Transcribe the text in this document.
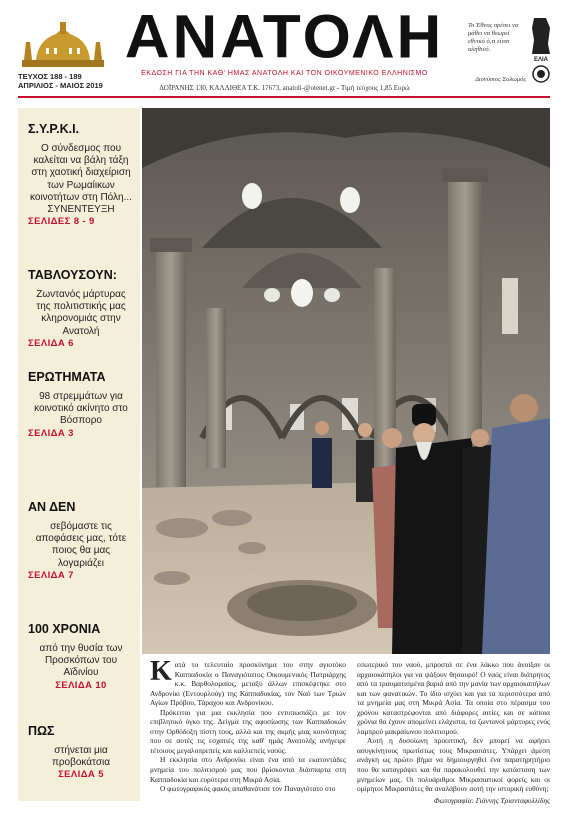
ΤΕΥΧΟΣ 188 - 189
ΑΠΡΙΛΙΟΣ - ΜΑΙΟΣ 2019
ΑΝΑΤΟΛΗ
ΕΚΔΟΣΗ ΓΙΑ ΤΗΝ ΚΑΘ' ΗΜΑΣ ΑΝΑΤΟΛΗ ΚΑΙ ΤΟΝ ΟΙΚΟΥΜΕΝΙΚΟ ΕΛΛΗΝΙΣΜΟ
ΔΟΪΡΑΝΗΣ 130, ΚΑΛΛΙΘΕΑ Τ.Κ. 17673, anatoli-@otenet.gr - Τιμή τεύχους 1,85 Ευρώ
Το Έθνος πρέπει να μάθει να θεωρεί εθνικό ό,τι είναι αληθινό.
Διονύσιος Σολωμός
ΕΛΙΑ
Σ.Υ.Ρ.Κ.Ι.
Ο σύνδεσμος που καλείται να βάλη τάξη στη χαοτική διαχείριση των Ρωμαίικων κοινοτήτων στη Πόλη... ΣΥΝΕΝΤΕΥΞΗ
ΣΕΛΙΔΕΣ 8 - 9
ΤΑΒΛΟΥΣΟΥΝ:
Ζωντανός μάρτυρας της πολιτιστικής μας κληρονομιάς στην Ανατολή
ΣΕΛΙΔΑ 6
ΕΡΩΤΗΜΑΤΑ
98 στρεμμάτων για κοινοτικό ακίνητο στο Βόσπορο
ΣΕΛΙΔΑ 3
ΑΝ ΔΕΝ
σεβόμαστε τις αποφάσεις μας, τότε ποιος θα μας λογαριάζει
ΣΕΛΙΔΑ 7
100 ΧΡΟΝΙΑ
από την θυσία των Προσκόπων του Αϊδινίου
ΣΕΛΙΔΑ 10
ΠΩΣ
στήνεται μια προβοκάτσια
ΣΕΛΙΔΑ 5
Κ ατά το τελευταίο προσκύνημα του στην αγιοτόκο Καππαδοκία ο Παναγιότατος Οικουμενικός Πατριάρχης κ.κ. Βαρθολομαίος, μεταξύ άλλων επισκέφτηκε στο Ανδρονίκι (Εντουρλούγ) της Καππαδοκίας, τον Ναό των Τριών Αγίων Πρόβου, Τάραχου και Ανδρονίκου.

Πρόκειται για μια εκκλησία που εντυπωσιάζει με τον επιβλητικό όγκο της. Δείγμα της αφοσίωσης των Καππαδοκών στην Ορθόδοξη πίστη τους, αλλά και της ακμής μιας κοινότητας που σε αυτές τις εσχατιές της καθ' ημάς Ανατολής ανήγειρε τέτοιους μεγαλοπρεπείς και καλλιεπείς ναούς.

Η εκκλησία στο Ανδρονίκι είναι ένα από τα εκατοντάδες μνημεία του πολιτισμού μας που βρίσκονται διάσπαρτα στη Καππαδοκία και ευρύτερα στη Μικρά Ασία.

Ο φωτογραφικός φακός απαθανάτισε τον Παναγιότατο στο

εσωτερικό του ναού, μπροστά σε ένα λάκκο που άνοιξαν οι αρχαιοκάπηλοι για να ψάξουν θησαυρό! Ο ναός είναι διάτρητος από τα τραυματισμένα βαριά από την μανία των αρχαιοκαπήλων και των φανατικών. Το ίδιο ισχύει και για τα περισσότερα από τα μνημεία μας στη Μικρά Ασία. Τα οποία στο πέρασμα του χρόνου καταστρέφονται από διάφορες αιτίες και σε κάποια χρόνια θα έχουν απομείνει ελάχιστα, τα ζωντανοί μάρτυρες ενός λαμπρού μακραίωνου πολιτισμού.

Αυτή η δυσοίωνη προοπτική, δεν μπορεί να αφήσει ασυγκίνητους πρωτίστως τους Μικρασιάτες. Υπάρχει άμεση ανάγκη ως πρώτο βήμα να δημιουργηθεί ένα παρατηρητήριο που θα καταγράψει και θα παρακολουθεί την κατάσταση των μνημείων μας. Οι πολυάριθμοι Μικρασιατικοί φορείς και οι ομίρητοι Μικρασιάτες θα αναλάβουν αυτή την ιστορική ευθύνη;

Φωτογραφία: Γιάννης Τριανταφυλλίδης
